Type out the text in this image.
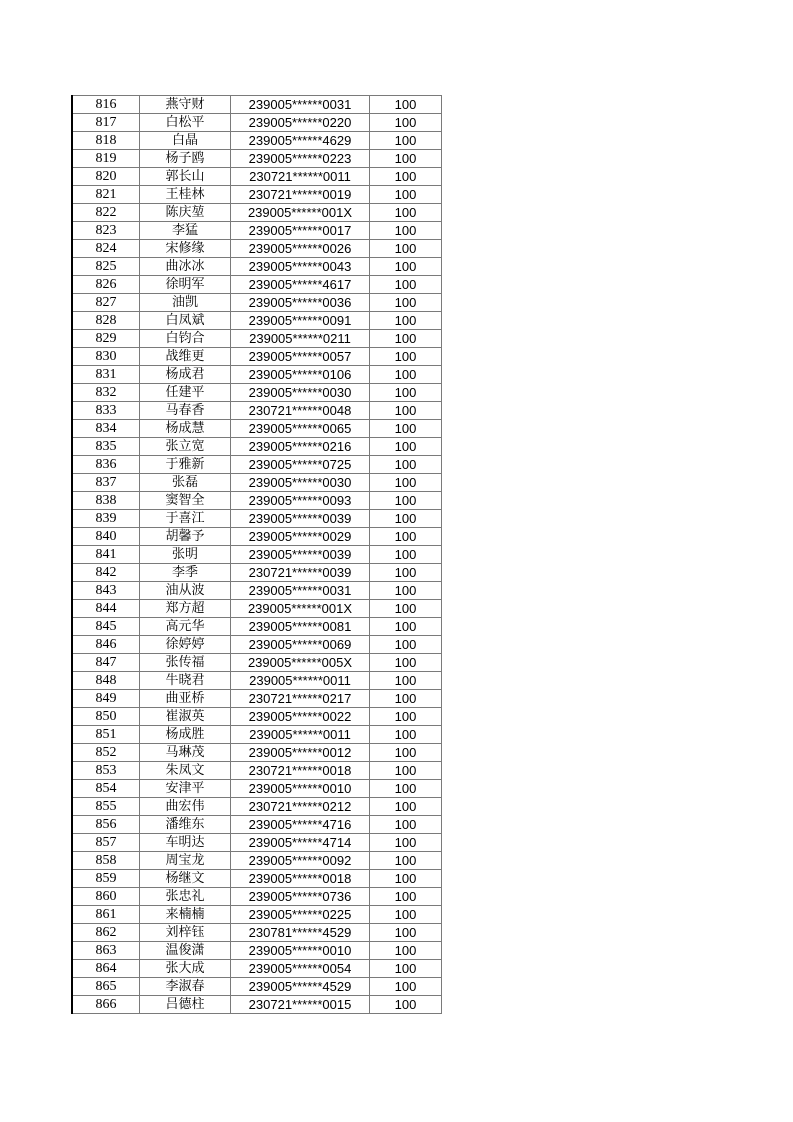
816	燕守财	239005******0031	100
817	白松平	239005******0220	100
818	白晶	239005******4629	100
819	杨子鸥	239005******0223	100
820	郭长山	230721******0011	100
821	王桂林	230721******0019	100
822	陈庆堃	239005******001X	100
823	李猛	239005******0017	100
824	宋修缘	239005******0026	100
825	曲冰冰	239005******0043	100
826	徐明军	239005******4617	100
827	油凯	239005******0036	100
828	白凤斌	239005******0091	100
829	白钧合	239005******0211	100
830	战维更	239005******0057	100
831	杨成君	239005******0106	100
832	任建平	239005******0030	100
833	马春香	230721******0048	100
834	杨成慧	239005******0065	100
835	张立宽	239005******0216	100
836	于雅新	239005******0725	100
837	张磊	239005******0030	100
838	窦智全	239005******0093	100
839	于喜江	239005******0039	100
840	胡馨予	239005******0029	100
841	张明	239005******0039	100
842	李季	230721******0039	100
843	油从波	239005******0031	100
844	郑方超	239005******001X	100
845	高元华	239005******0081	100
846	徐婷婷	239005******0069	100
847	张传福	239005******005X	100
848	牛晓君	239005******0011	100
849	曲亚桥	230721******0217	100
850	崔淑英	239005******0022	100
851	杨成胜	239005******0011	100
852	马琳茂	239005******0012	100
853	朱凤文	230721******0018	100
854	安津平	239005******0010	100
855	曲宏伟	230721******0212	100
856	潘维东	239005******4716	100
857	车明达	239005******4714	100
858	周宝龙	239005******0092	100
859	杨继文	239005******0018	100
860	张忠礼	239005******0736	100
861	来楠楠	239005******0225	100
862	刘梓钰	230781******4529	100
863	温俊潇	239005******0010	100
864	张大成	239005******0054	100
865	李淑春	239005******4529	100
866	吕德柱	230721******0015	100
